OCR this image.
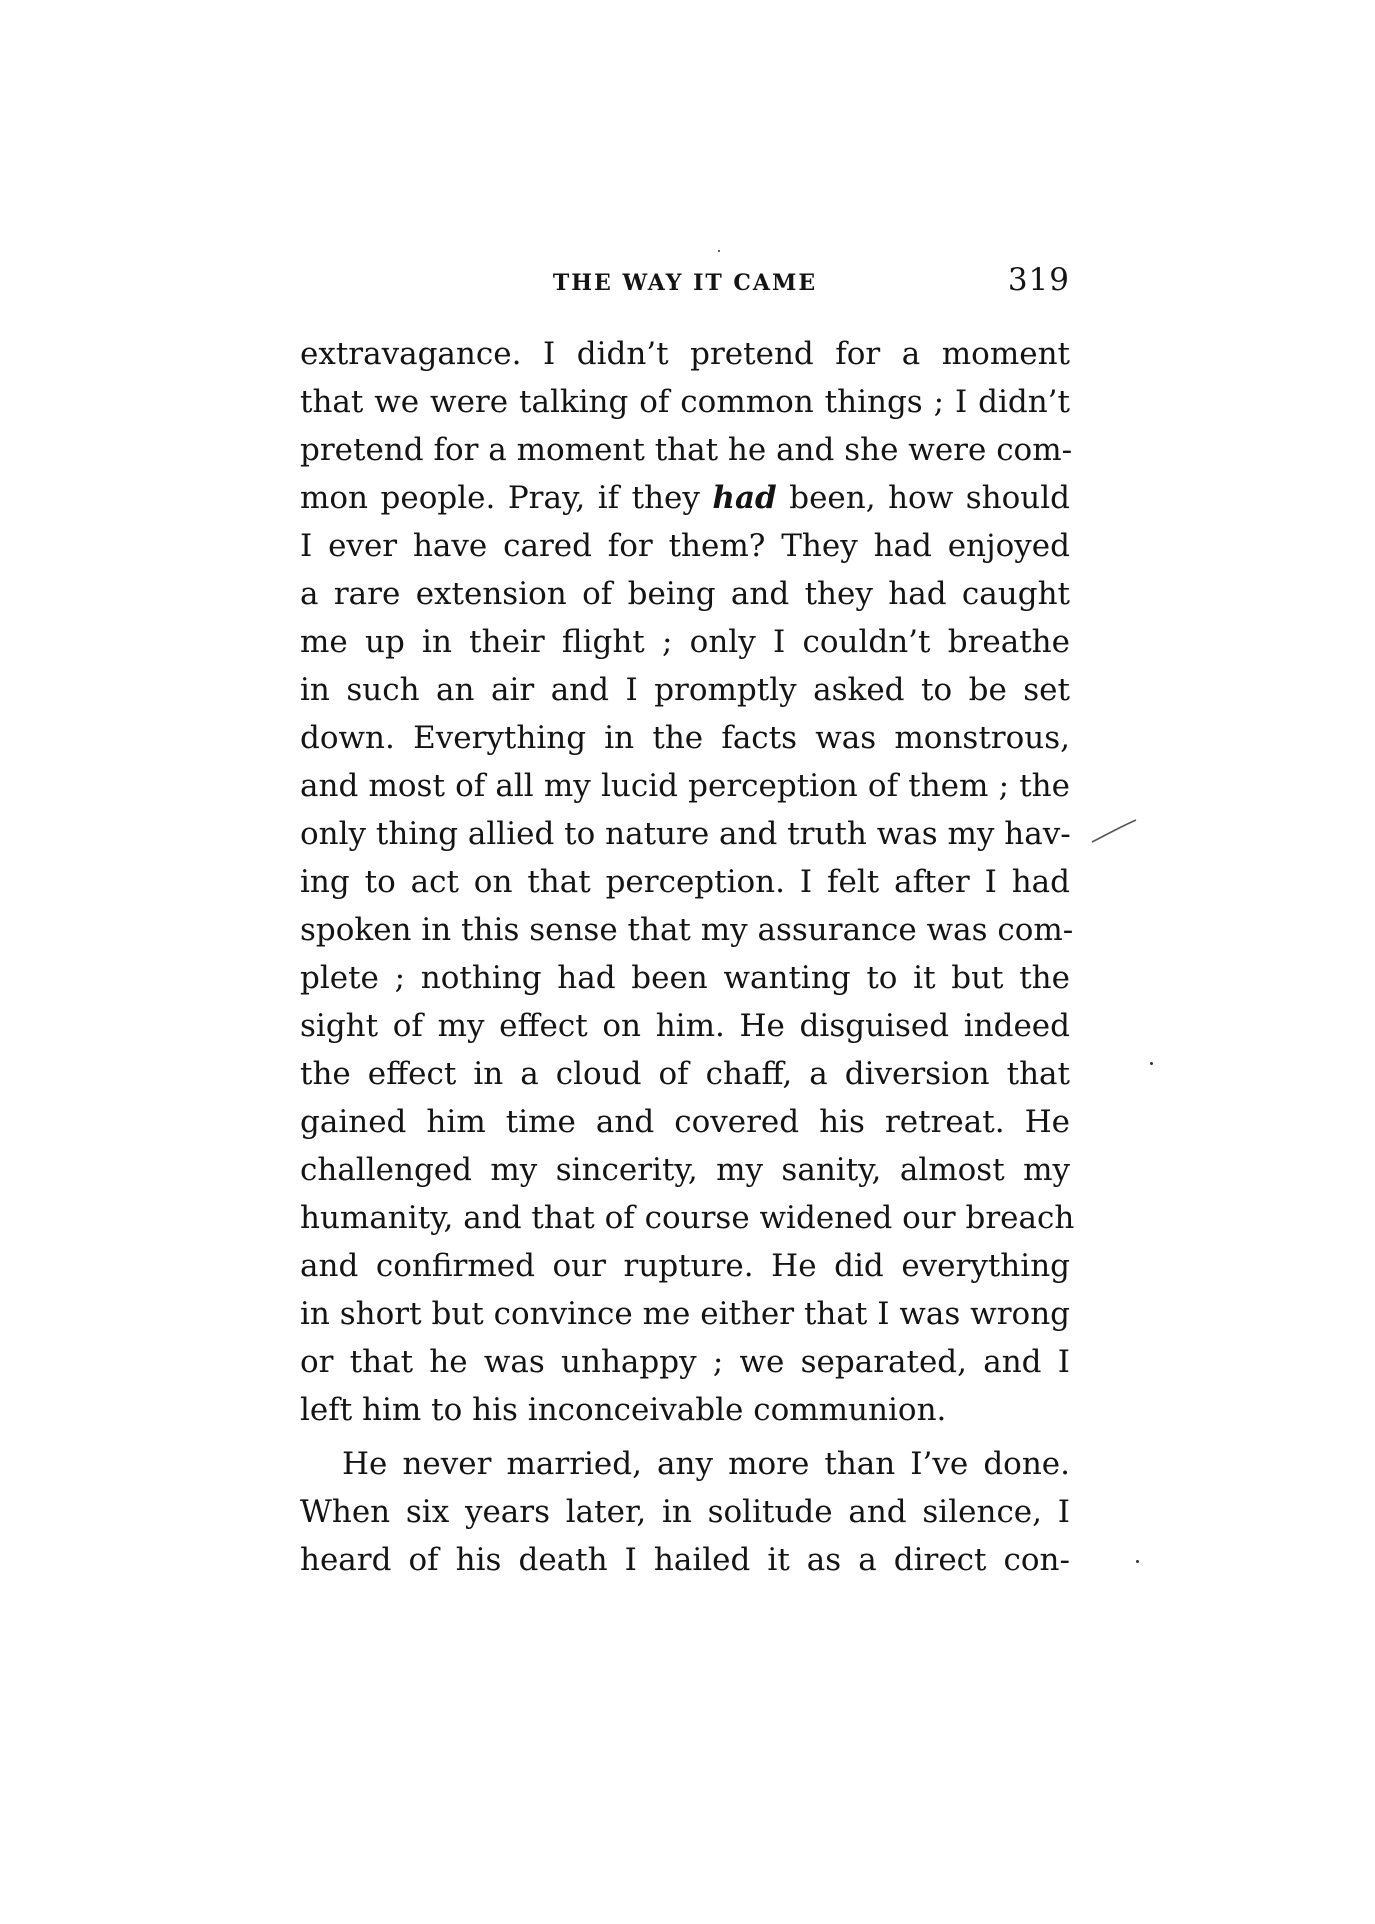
THE WAY IT CAME	319
extravagance. I didn’t pretend for a moment
that we were talking of common things ; I didn’t
pretend for a moment that he and she were com-
mon people. Pray, if they had been, how should
I ever have cared for them? They had enjoyed
a rare extension of being and they had caught
me up in their flight ; only I couldn’t breathe
in such an air and I promptly asked to be set
down. Everything in the facts was monstrous,
and most of all my lucid perception of them ; the
only thing allied to nature and truth was my hav-
ing to act on that perception. I felt after I had
spoken in this sense that my assurance was com-
plete ; nothing had been wanting to it but the
sight of my effect on him. He disguised indeed
the effect in a cloud of chaff, a diversion that
gained him time and covered his retreat. He
challenged my sincerity, my sanity, almost my
humanity, and that of course widened our breach
and confirmed our rupture. He did everything
in short but convince me either that I was wrong
or that he was unhappy ; we separated, and I
left him to his inconceivable communion.
He never married, any more than I’ve done.
When six years later, in solitude and silence, I
heard of his death I hailed it as a direct con-
